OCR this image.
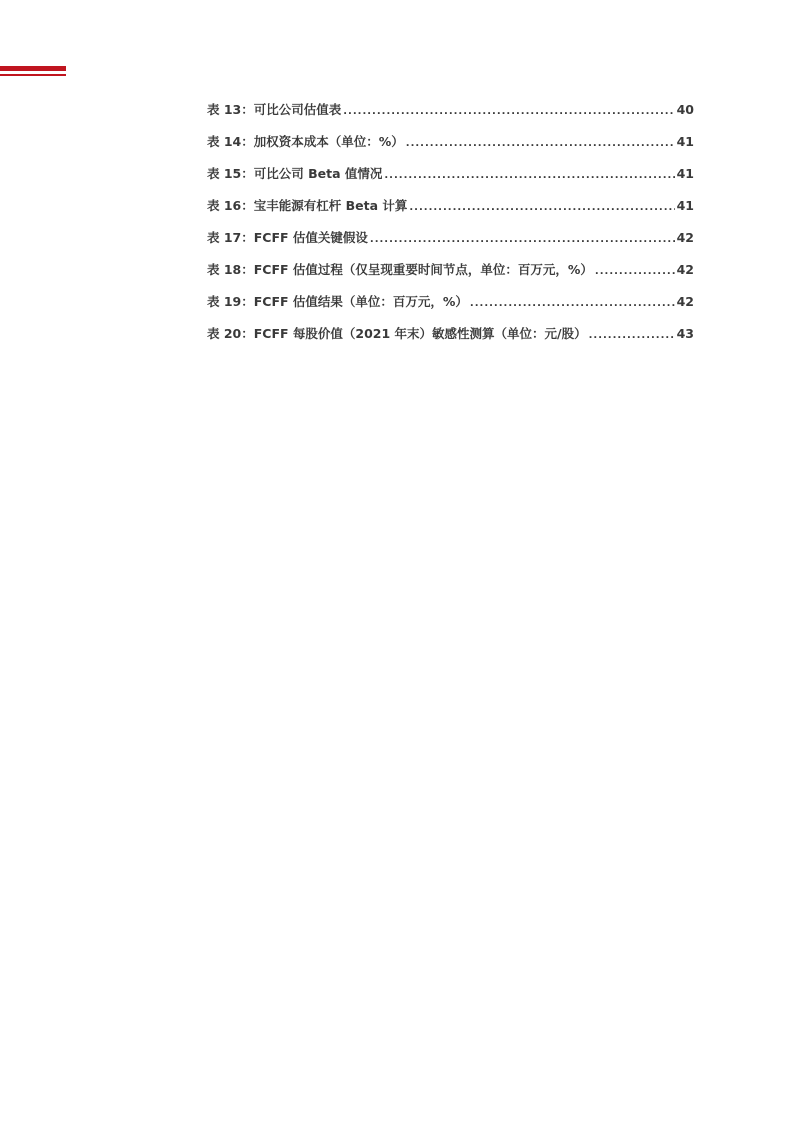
表 13：可比公司估值表 .....	40
表 14：加权资本成本（单位：%） .....	41
表 15：可比公司 Beta 值情况 .....	41
表 16：宝丰能源有杠杆 Beta 计算 .....	41
表 17：FCFF 估值关键假设 .....	42
表 18：FCFF 估值过程（仅呈现重要时间节点，单位：百万元，%） .....	42
表 19：FCFF 估值结果（单位：百万元，%） .....	42
表 20：FCFF 每股价值（2021 年末）敏感性测算（单位：元/股） .....	43
